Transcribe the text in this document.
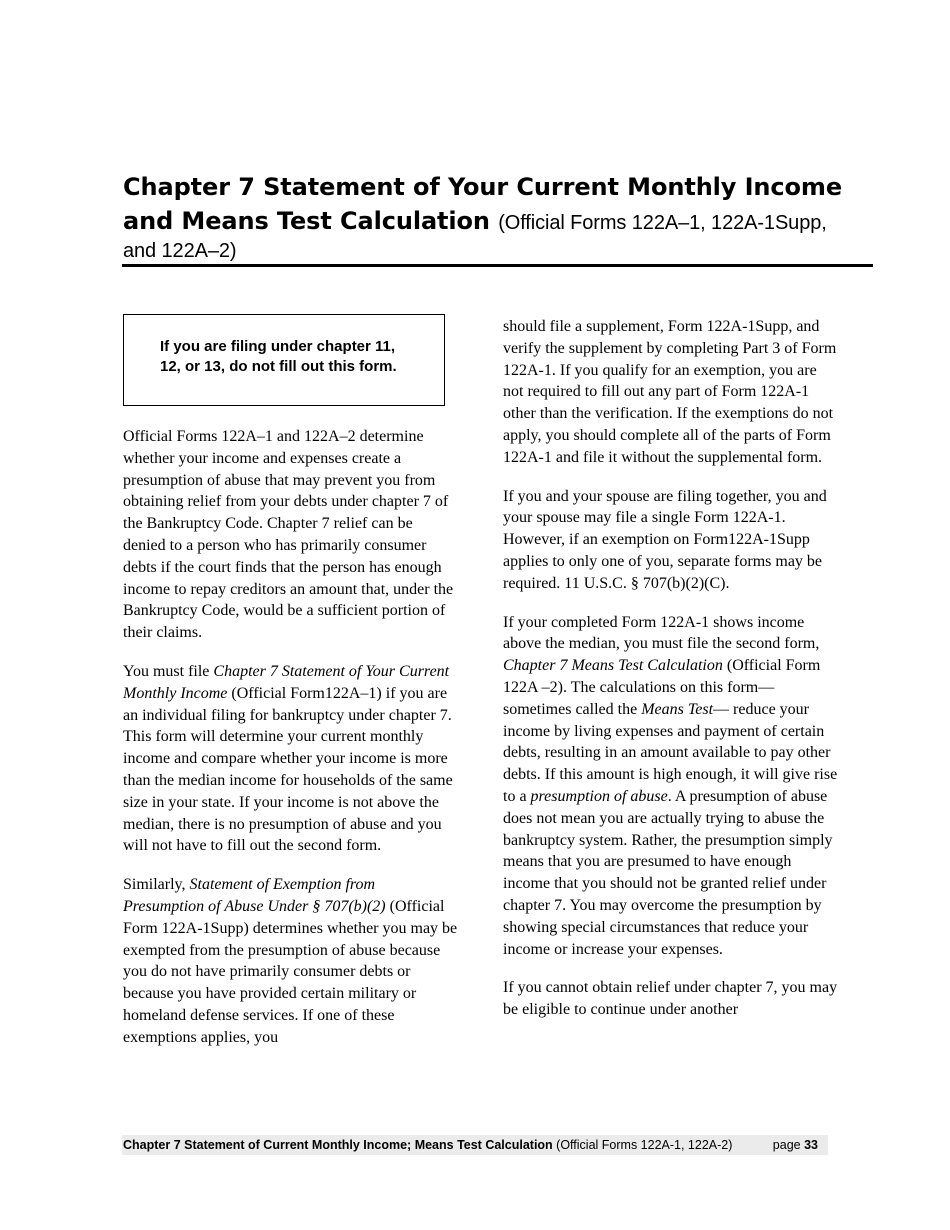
Chapter 7 Statement of Your Current Monthly Income
and Means Test Calculation (Official Forms 122A–1, 122A-1Supp,
and 122A–2)
If you are filing under chapter 11, 12, or 13, do not fill out this form.

Official Forms 122A–1 and 122A–2 determine whether your income and expenses create a presumption of abuse that may prevent you from obtaining relief from your debts under chapter 7 of the Bankruptcy Code. Chapter 7 relief can be denied to a person who has primarily consumer debts if the court finds that the person has enough income to repay creditors an amount that, under the Bankruptcy Code, would be a sufficient portion of their claims.

You must file Chapter 7 Statement of Your Current Monthly Income (Official Form122A–1) if you are an individual filing for bankruptcy under chapter 7. This form will determine your current monthly income and compare whether your income is more than the median income for households of the same size in your state. If your income is not above the median, there is no presumption of abuse and you will not have to fill out the second form.

Similarly, Statement of Exemption from Presumption of Abuse Under § 707(b)(2) (Official Form 122A-1Supp) determines whether you may be exempted from the presumption of abuse because you do not have primarily consumer debts or because you have provided certain military or homeland defense services. If one of these exemptions applies, you

should file a supplement, Form 122A-1Supp, and verify the supplement by completing Part 3 of Form 122A-1. If you qualify for an exemption, you are not required to fill out any part of Form 122A-1 other than the verification. If the exemptions do not apply, you should complete all of the parts of Form 122A-1 and file it without the supplemental form.

If you and your spouse are filing together, you and your spouse may file a single Form 122A-1. However, if an exemption on Form122A-1Supp applies to only one of you, separate forms may be required. 11 U.S.C. § 707(b)(2)(C).

If your completed Form 122A-1 shows income above the median, you must file the second form, Chapter 7 Means Test Calculation (Official Form 122A –2). The calculations on this form—sometimes called the Means Test— reduce your income by living expenses and payment of certain debts, resulting in an amount available to pay other debts. If this amount is high enough, it will give rise to a presumption of abuse. A presumption of abuse does not mean you are actually trying to abuse the bankruptcy system. Rather, the presumption simply means that you are presumed to have enough income that you should not be granted relief under chapter 7. You may overcome the presumption by showing special circumstances that reduce your income or increase your expenses.

If you cannot obtain relief under chapter 7, you may be eligible to continue under another

Chapter 7 Statement of Current Monthly Income; Means Test Calculation (Official Forms 122A-1, 122A-2)	page 33
